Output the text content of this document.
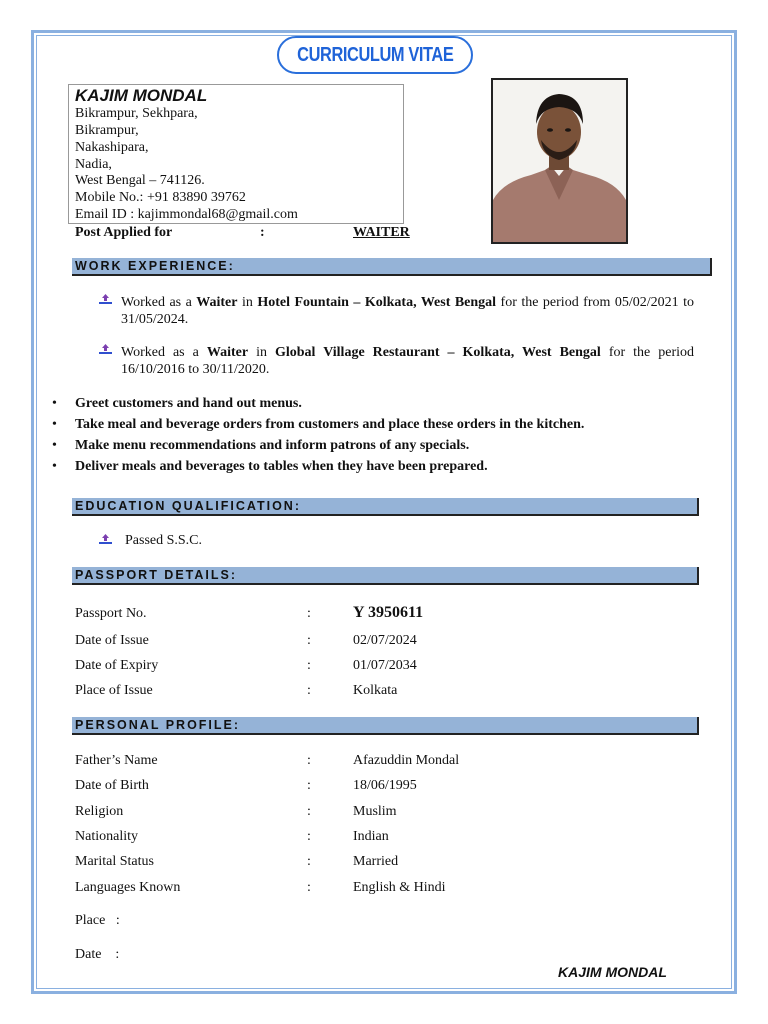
CURRICULUM VITAE
KAJIM MONDAL
Bikrampur, Sekhpara,
Bikrampur,
Nakashipara,
Nadia,
West Bengal – 741126.
Mobile No.: +91 83890 39762
Email ID : kajimmondal68@gmail.com
Post Applied for	:	WAITER
WORK EXPERIENCE:
Worked as a Waiter in Hotel Fountain – Kolkata, West Bengal for the period from 05/02/2021 to 31/05/2024.
Worked as a Waiter in Global Village Restaurant – Kolkata, West Bengal for the period 16/10/2016 to 30/11/2020.
• Greet customers and hand out menus.
• Take meal and beverage orders from customers and place these orders in the kitchen.
• Make menu recommendations and inform patrons of any specials.
• Deliver meals and beverages to tables when they have been prepared.
EDUCATION QUALIFICATION:
Passed S.S.C.
PASSPORT DETAILS:
Passport No.	:	Y 3950611
Date of Issue	:	02/07/2024
Date of Expiry	:	01/07/2034
Place of Issue	:	Kolkata
PERSONAL PROFILE:
Father’s Name	:	Afazuddin Mondal
Date of Birth	:	18/06/1995
Religion	:	Muslim
Nationality	:	Indian
Marital Status	:	Married
Languages Known	:	English & Hindi
Place   :
Date    :
KAJIM MONDAL
